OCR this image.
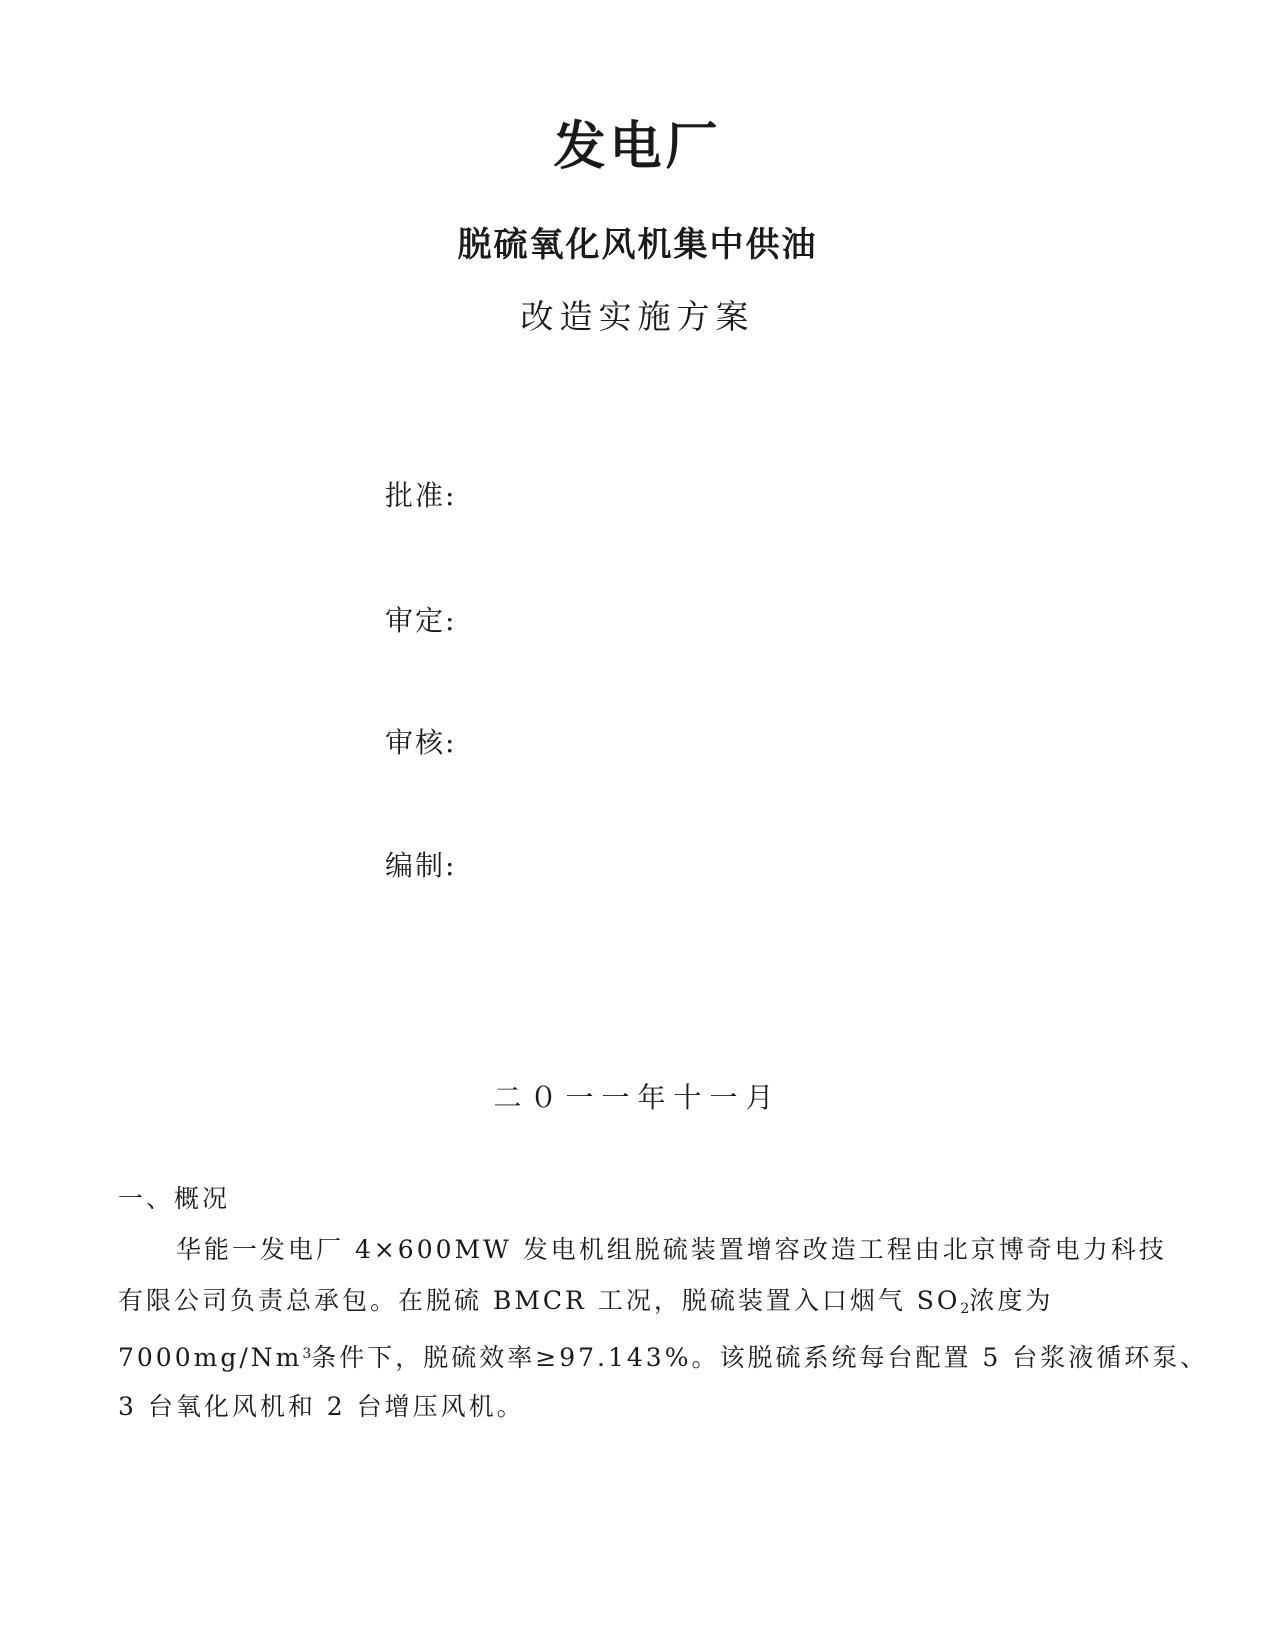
发电厂
脱硫氧化风机集中供油
改造实施方案
批准:
审定:
审核:
编制:
二０一一年十一月
一、概况
华能一发电厂 4×600MW 发电机组脱硫装置增容改造工程由北京博奇电力科技
有限公司负责总承包。在脱硫 BMCR 工况，脱硫装置入口烟气 $SO_2$浓度为
7000mg/Nm$^3$条件下，脱硫效率≥97.143%。该脱硫系统每台配置 5 台浆液循环泵、
3 台氧化风机和 2 台增压风机。
